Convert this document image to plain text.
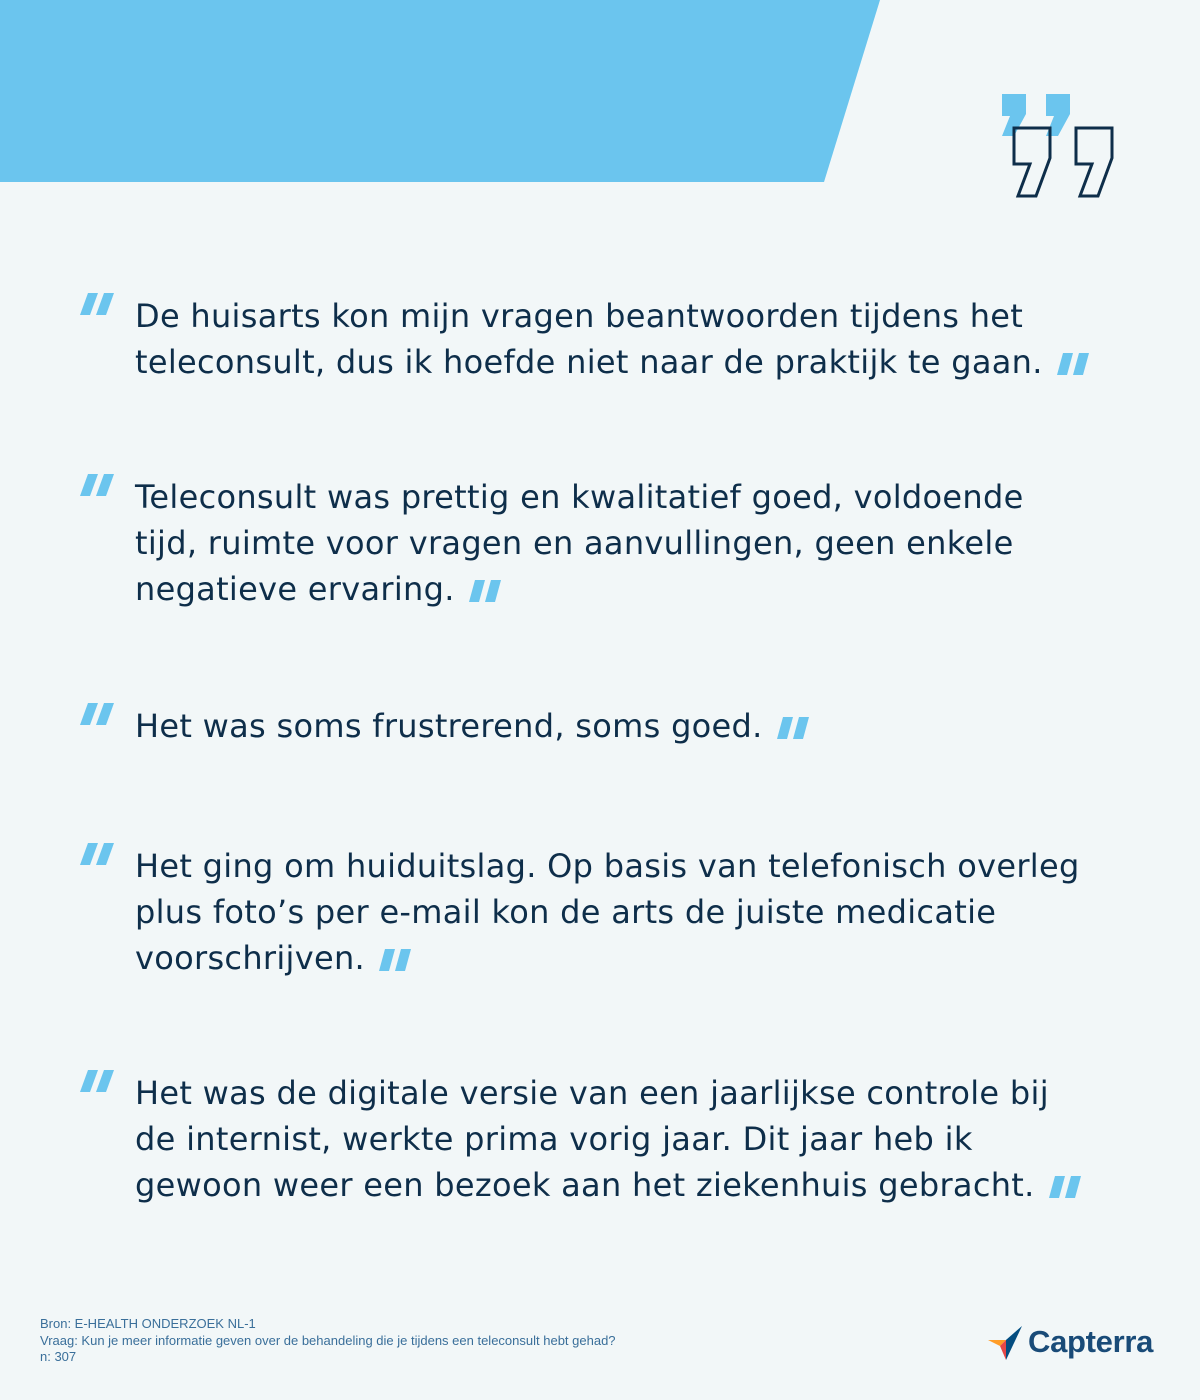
De huisarts kon mijn vragen beantwoorden tijdens het teleconsult, dus ik hoefde niet naar de praktijk te gaan.

Teleconsult was prettig en kwalitatief goed, voldoende tijd, ruimte voor vragen en aanvullingen, geen enkele negatieve ervaring.

Het was soms frustrerend, soms goed.

Het ging om huiduitslag. Op basis van telefonisch overleg plus foto’s per e-mail kon de arts de juiste medicatie voorschrijven.

Het was de digitale versie van een jaarlijkse controle bij de internist, werkte prima vorig jaar. Dit jaar heb ik gewoon weer een bezoek aan het ziekenhuis gebracht.

Bron: E-HEALTH ONDERZOEK NL-1
Vraag: Kun je meer informatie geven over de behandeling die je tijdens een teleconsult hebt gehad?
n: 307	Capterra
